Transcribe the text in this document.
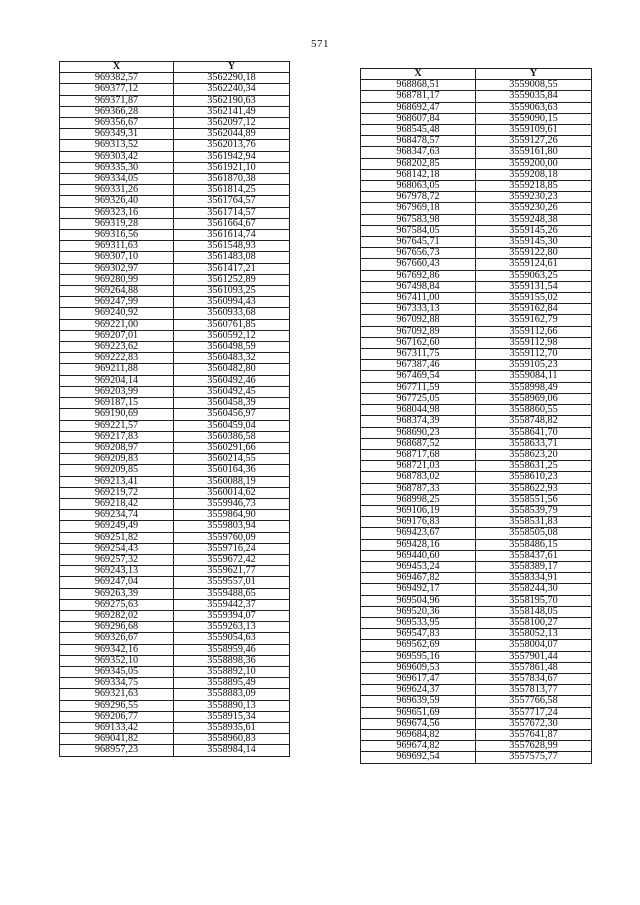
571
X	Y
969382,57	3562290,18
969377,12	3562240,34
969371,87	3562190,63
969366,28	3562141,49
969356,67	3562097,12
969349,31	3562044,89
969313,52	3562013,76
969303,42	3561942,94
969335,30	3561921,10
969334,05	3561870,38
969331,26	3561814,25
969326,40	3561764,57
969323,16	3561714,57
969319,28	3561664,67
969316,56	3561614,74
969311,63	3561548,93
969307,10	3561483,08
969302,97	3561417,21
969280,99	3561252,89
969264,88	3561093,25
969247,99	3560994,43
969240,92	3560933,68
969221,00	3560761,85
969207,01	3560592,12
969223,62	3560498,59
969222,83	3560483,32
969211,88	3560482,80
969204,14	3560492,46
969203,99	3560492,45
969187,15	3560458,39
969190,69	3560456,97
969221,57	3560459,04
969217,83	3560386,58
969208,97	3560291,66
969209,83	3560214,55
969209,85	3560164,36
969213,41	3560088,19
969219,72	3560014,62
969218,42	3559946,73
969234,74	3559864,90
969249,49	3559803,94
969251,82	3559760,09
969254,43	3559716,24
969257,32	3559672,42
969243,13	3559621,77
969247,04	3559557,01
969263,39	3559488,65
969275,63	3559442,37
969282,02	3559394,07
969296,68	3559263,13
969326,67	3559054,63
969342,16	3558959,46
969352,10	3558898,36
969345,05	3558892,10
969334,75	3558895,49
969321,63	3558883,09
969296,55	3558890,13
969206,77	3558915,34
969133,42	3558935,61
969041,82	3558960,83
968957,23	3558984,14
X	Y
968868,51	3559008,55
968781,17	3559035,84
968692,47	3559063,63
968607,84	3559090,15
968545,48	3559109,61
968478,57	3559127,26
968347,63	3559161,80
968202,85	3559200,00
968142,18	3559208,18
968063,05	3559218,85
967978,72	3559230,23
967969,18	3559230,26
967583,98	3559248,38
967584,05	3559145,26
967645,71	3559145,30
967656,73	3559122,80
967660,43	3559124,61
967692,86	3559063,25
967498,84	3559131,54
967411,00	3559155,02
967333,13	3559162,84
967092,88	3559162,79
967092,89	3559112,66
967162,60	3559112,98
967311,75	3559112,70
967387,46	3559105,23
967469,54	3559084,11
967711,59	3558998,49
967725,05	3558969,06
968044,98	3558860,55
968374,39	3558748,82
968690,23	3558641,70
968687,52	3558633,71
968717,68	3558623,20
968721,03	3558631,25
968783,02	3558610,23
968787,33	3558622,93
968998,25	3558551,56
969106,19	3558539,79
969176,83	3558531,83
969423,67	3558505,08
969428,16	3558486,15
969440,60	3558437,61
969453,24	3558389,17
969467,82	3558334,91
969492,17	3558244,30
969504,96	3558195,70
969520,36	3558148,05
969533,95	3558100,27
969547,83	3558052,13
969562,69	3558004,07
969595,16	3557901,44
969609,53	3557861,48
969617,47	3557834,67
969624,37	3557813,77
969639,59	3557766,58
969651,69	3557717,24
969674,56	3557672,30
969684,82	3557641,87
969674,82	3557628,99
969692,54	3557575,77
